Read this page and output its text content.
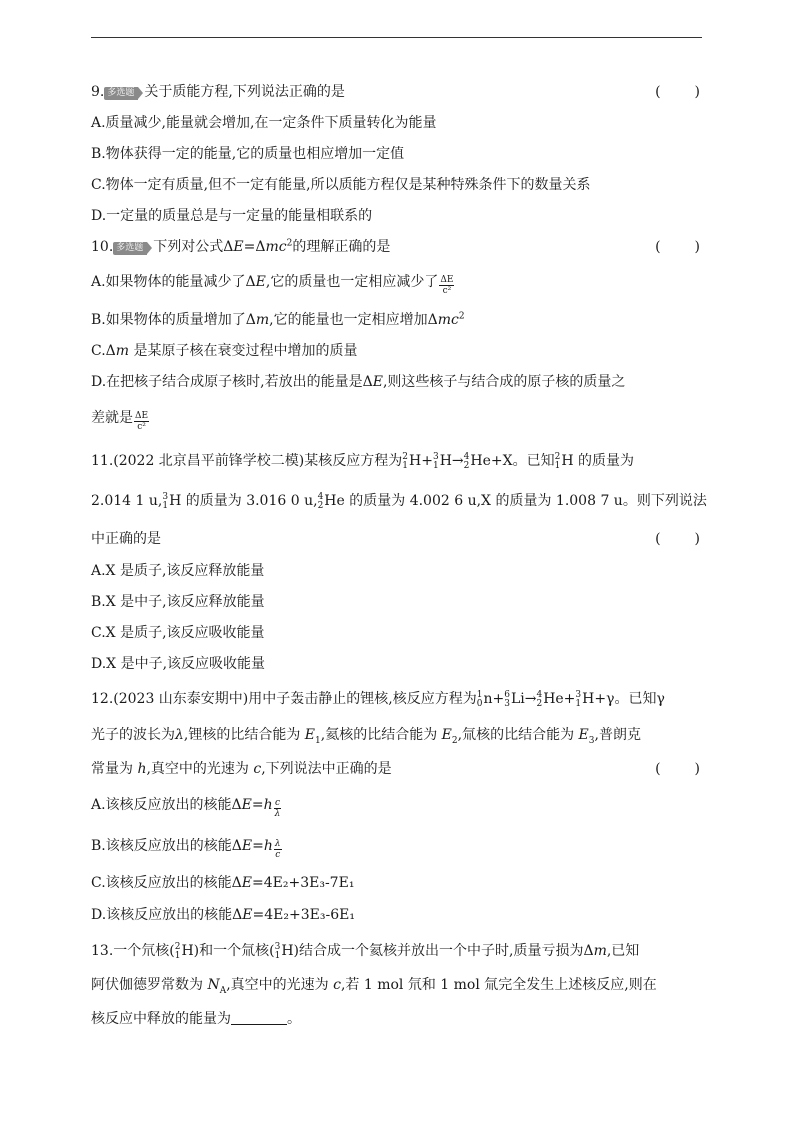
9. 多选题 关于质能方程,下列说法正确的是	(　　)
A.质量减少,能量就会增加,在一定条件下质量转化为能量
B.物体获得一定的能量,它的质量也相应增加一定值
C.物体一定有质量,但不一定有能量,所以质能方程仅是某种特殊条件下的数量关系
D.一定量的质量总是与一定量的能量相联系的
10. 多选题 下列对公式ΔE=Δmc$^2$的理解正确的是	(　　)
A.如果物体的能量减少了ΔE,它的质量也一定相应减少了 $\frac{\Delta E}{\text{c²}}$
B.如果物体的质量增加了Δm,它的能量也一定相应增加Δmc$^2$
C.Δm 是某原子核在衰变过程中增加的质量
D.在把核子结合成原子核时,若放出的能量是ΔE,则这些核子与结合成的原子核的质量之
差就是 $\frac{\Delta E}{\text{c²}}$
11.(2022 北京昌平前锋学校二模)某核反应方程为 2
1 H+ 3
1 H→ 4
2 He+X。已知 2
1 H 的质量为
2.014 1 u, 3
1 H 的质量为 3.016 0 u, 4
2 He 的质量为 4.002 6 u,X 的质量为 1.008 7 u。则下列说法
中正确的是	(　　)
A.X 是质子,该反应释放能量
B.X 是中子,该反应释放能量
C.X 是质子,该反应吸收能量
D.X 是中子,该反应吸收能量
12.(2023 山东泰安期中)用中子轰击静止的锂核,核反应方程为 1
0 n+ 6
3 Li→ 4
2 He+ 3
1 H+γ。已知γ
光子的波长为λ,锂核的比结合能为 $E_1$,氦核的比结合能为 $E_2$,氚核的比结合能为 $E_3$,普朗克
常量为 h,真空中的光速为 c,下列说法中正确的是	(　　)
A.该核反应放出的核能$\Delta E=h \frac{c}{\lambda}$
B.该核反应放出的核能$\Delta E=h \frac{\lambda}{c}$
C.该核反应放出的核能ΔE=4E₂+3E₃-7E₁
D.该核反应放出的核能ΔE=4E₂+3E₃-6E₁
13.一个氘核( 2
1 H)和一个氚核( 3
1 H)结合成一个氦核并放出一个中子时,质量亏损为Δm,已知
阿伏伽德罗常数为 $N_A$,真空中的光速为 c,若 1 mol 氘和 1 mol 氚完全发生上述核反应,则在
核反应中释放的能量为	。
